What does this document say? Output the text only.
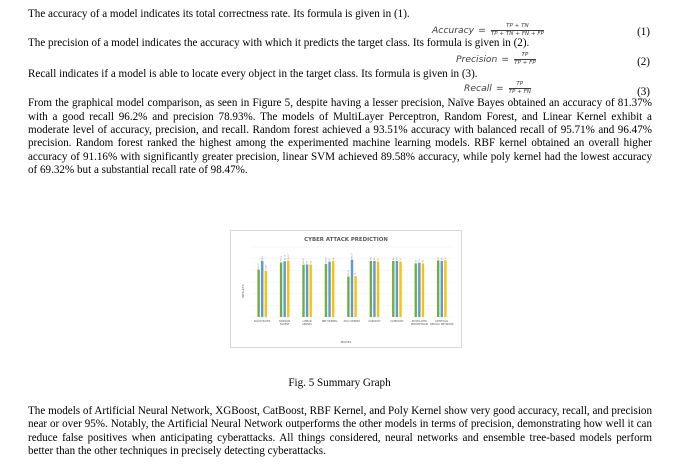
The accuracy of a model indicates its total correctness rate. Its formula is given in (1).

Accuracy = $\frac{TP + TN}{TP + TN + FN + FP}$	(1)

The precision of a model indicates the accuracy with which it predicts the target class. Its formula is given in (2).

Precision = $\frac{TP}{TP + FP}$	(2)

Recall indicates if a model is able to locate every object in the target class. Its formula is given in (3).

Recall = $\frac{TP}{TP + FN}$	(3)

From the graphical model comparison, as seen in Figure 5, despite having a lesser precision, Naïve Bayes obtained an accuracy of 81.37% with a good recall 96.2% and precision 78.93%. The models of MultiLayer Perceptron, Random Forest, and Linear Kernel exhibit a moderate level of accuracy, precision, and recall. Random forest achieved a 93.51% accuracy with balanced recall of 95.71% and 96.47% precision. Random forest ranked the highest among the experimented machine learning models. RBF kernel obtained an overall higher accuracy of 91.16% with significantly greater precision, linear SVM achieved 89.58% accuracy, while poly kernel had the lowest accuracy of 69.32% but a substantial recall rate of 98.47%.

CYBER ATTACK PREDICTION
RESULTS
MODEL
81.37
96.2
78.93
93.51 95.71 96.47
89.58 90 90	91.16 95 96
69.32
98.47
70
96 96 95	96 96 95
92 93 92
97 96 97
NAÏVE BAYES	RANDOM FOREST
LINEAR KERNEL
RBF KERNEL	POLY KERNEL	XGBOOST	CATBOOST	MULTILAYER PERCEPTRON
ARTIFICIAL NEURAL NETWORK
Fig. 5 Summary Graph

The models of Artificial Neural Network, XGBoost, CatBoost, RBF Kernel, and Poly Kernel show very good accuracy, recall, and precision near or over 95%. Notably, the Artificial Neural Network outperforms the other models in terms of precision, demonstrating how well it can reduce false positives when anticipating cyberattacks. All things considered, neural networks and ensemble tree-based models perform better than the other techniques in precisely detecting cyberattacks.
